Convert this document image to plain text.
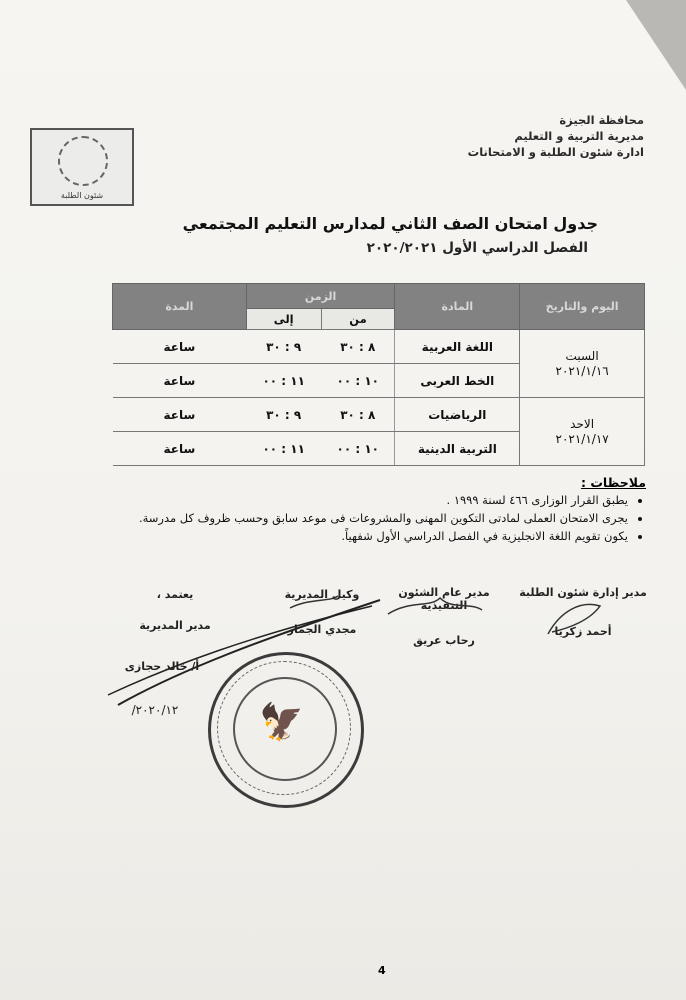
محافظة الجيزة
مديرية التربية و التعليم
ادارة شئون الطلبة و الامتحانات
شئون الطلبة
جدول امتحان الصف الثاني لمدارس التعليم المجتمعي
الفصل الدراسي الأول ٢٠٢٠/٢٠٢١
اليوم والتاريخ	المادة	الزمن		المدة
		من	إلى	

السبت
٢٠٢١/١/١٦	اللغة العربية	٨ : ٣٠	٩ : ٣٠	ساعة
	الخط العربى	١٠ : ٠٠	١١ : ٠٠	ساعة

الاحد
٢٠٢١/١/١٧	الرياضيات	٨ : ٣٠	٩ : ٣٠	ساعة
	التربية الدينية	١٠ : ٠٠	١١ : ٠٠	ساعة
ملاحظات :
• يطبق القرار الوزارى ٤٦٦ لسنة ١٩٩٩ .
• يجرى الامتحان العملى لمادتى التكوين المهنى والمشروعات فى موعد سابق وحسب ظروف كل مدرسة.
• يكون تقويم اللغة الانجليزية في الفصل الدراسي الأول شفهياً.
مدير إدارة شئون الطلبة
أحمد زكريا
مدير عام الشئون التنفيذية
رحاب عريق
وكيل المديرية
مجدي الجمار
يعتمد ،
مدير المديرية
أ/ خالد حجازى
٢٠٢٠/١٢/	🦅
4
